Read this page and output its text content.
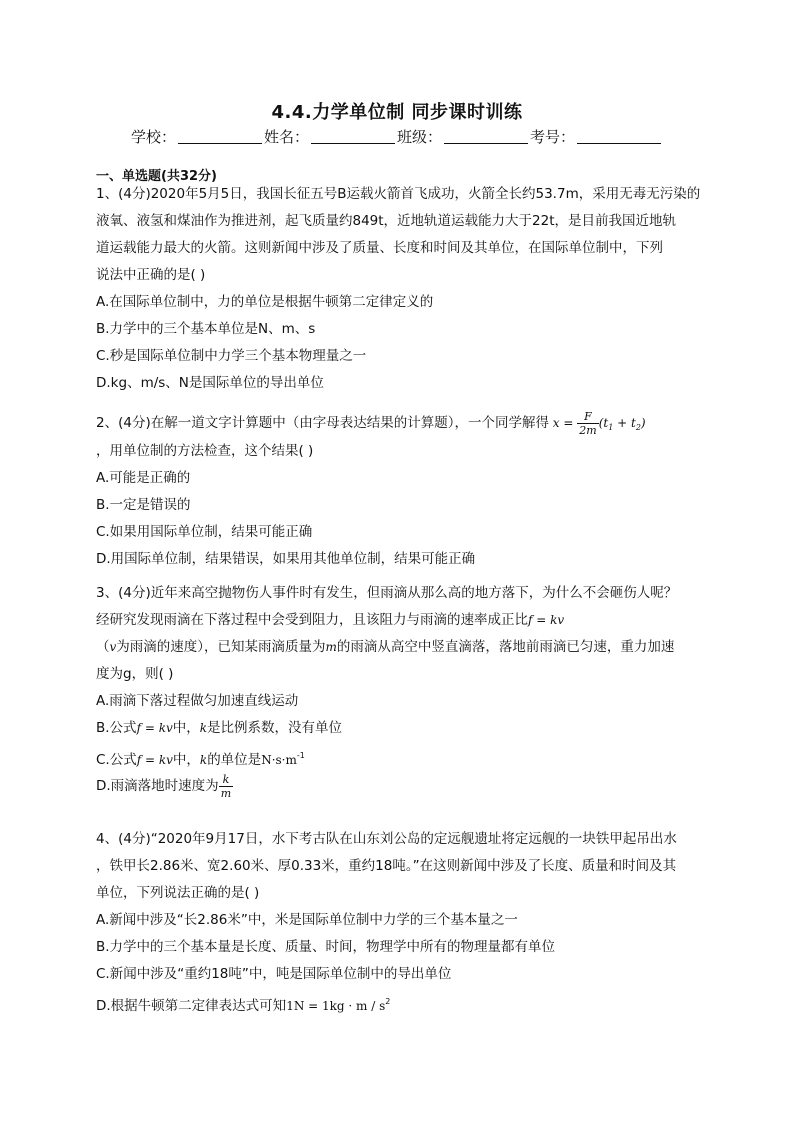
4.4.力学单位制 同步课时训练
学校：	姓名：	班级：	考号：
一、单选题(共32分)
1、(4分)2020年5月5日，我国长征五号B运载火箭首飞成功，火箭全长约53.7m，采用无毒无污染的
液氧、液氢和煤油作为推进剂，起飞质量约849t，近地轨道运载能力大于22t，是目前我国近地轨
道运载能力最大的火箭。这则新闻中涉及了质量、长度和时间及其单位，在国际单位制中，下列
说法中正确的是( )
A.在国际单位制中，力的单位是根据牛顿第二定律定义的
B.力学中的三个基本单位是N、m、s
C.秒是国际单位制中力学三个基本物理量之一
D.kg、m/s、N是国际单位的导出单位
2、(4分)在解一道文字计算题中（由字母表达结果的计算题），一个同学解得 $x = \frac{F}{2m} (t_1 + t_2)$
，用单位制的方法检查，这个结果( )
A.可能是正确的
B.一定是错误的
C.如果用国际单位制，结果可能正确
D.用国际单位制，结果错误，如果用其他单位制，结果可能正确
3、(4分)近年来高空抛物伤人事件时有发生，但雨滴从那么高的地方落下，为什么不会砸伤人呢？
经研究发现雨滴在下落过程中会受到阻力，且该阻力与雨滴的速率成正比f = kv
（v为雨滴的速度），已知某雨滴质量为m的雨滴从高空中竖直滴落，落地前雨滴已匀速，重力加速
度为g，则( )
A.雨滴下落过程做匀加速直线运动
B.公式f = kv中，k是比例系数，没有单位
C.公式f = kv中，k的单位是$N\cdot s\cdot m^{-1}$
D.雨滴落地时速度为 $\frac{k}{m}$
4、(4分)“2020年9月17日，水下考古队在山东刘公岛的定远舰遗址将定远舰的一块铁甲起吊出水
，铁甲长2.86米、宽2.60米、厚0.33米，重约18吨。”在这则新闻中涉及了长度、质量和时间及其
单位，下列说法正确的是( )
A.新闻中涉及“长2.86米”中，米是国际单位制中力学的三个基本量之一
B.力学中的三个基本量是长度、质量、时间，物理学中所有的物理量都有单位
C.新闻中涉及“重约18吨”中，吨是国际单位制中的导出单位
D.根据牛顿第二定律表达式可知$1N = 1kg \cdot m / s^2$
